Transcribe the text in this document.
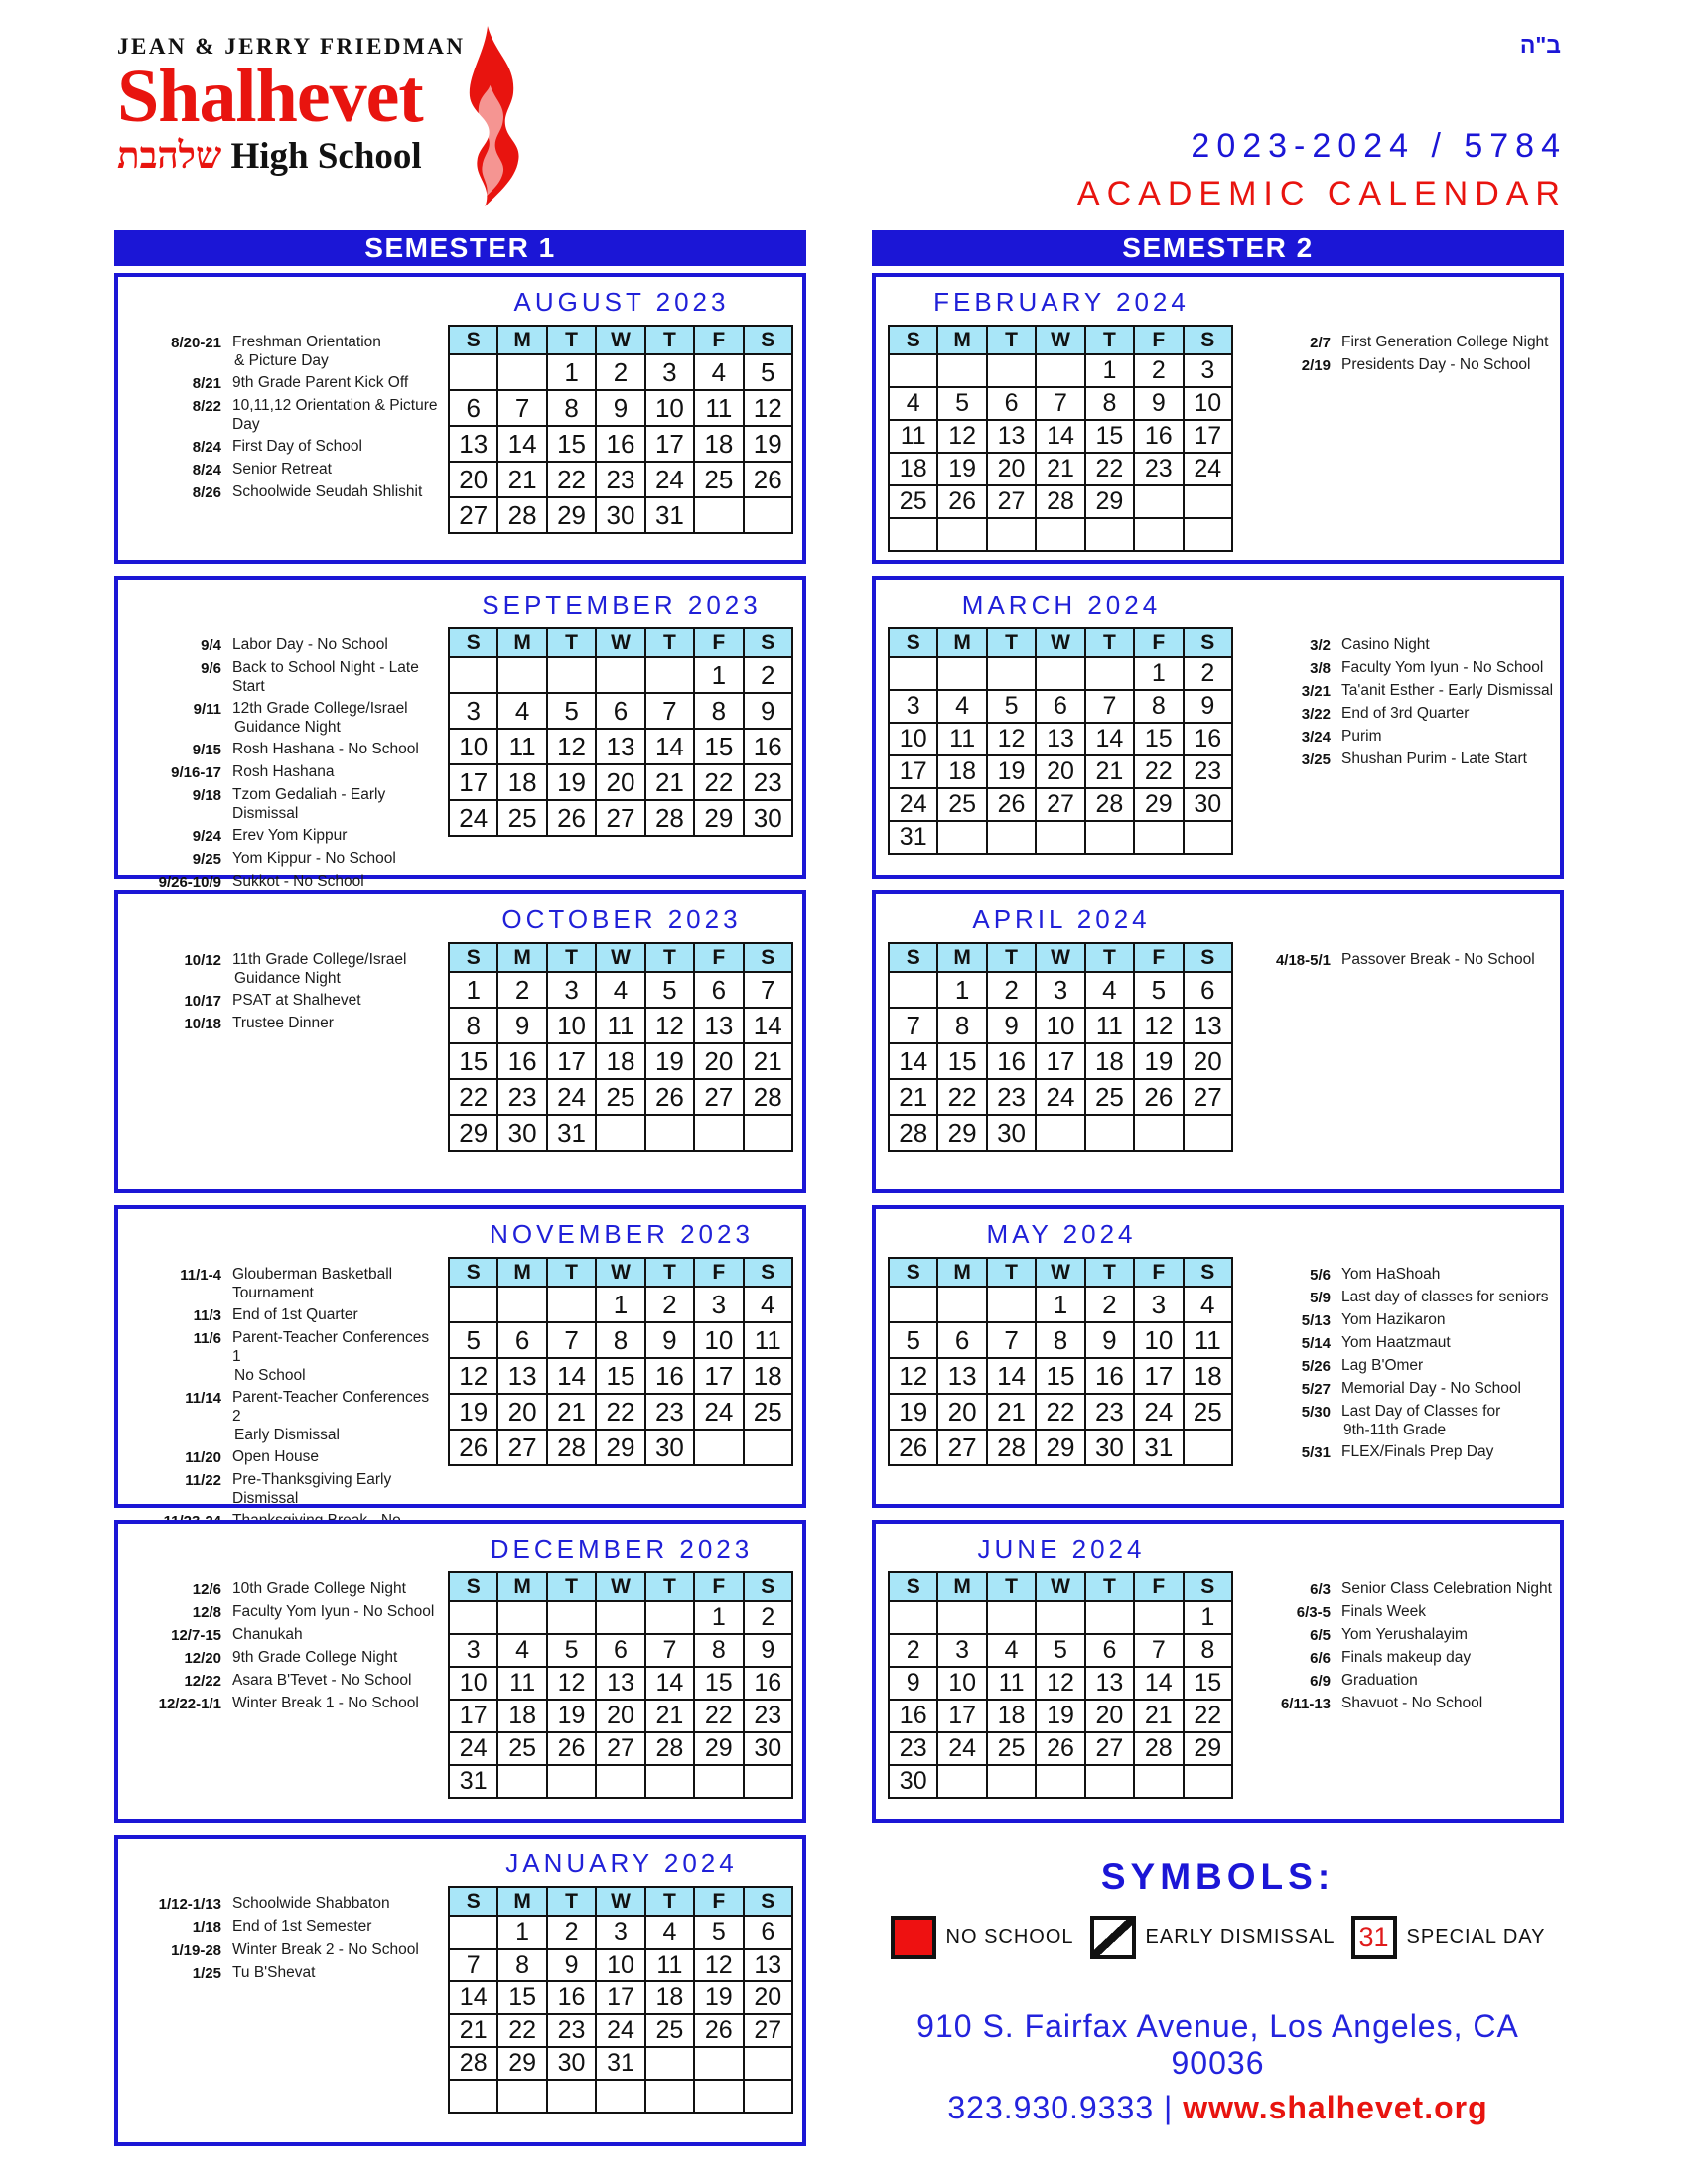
JEAN & JERRY FRIEDMAN
Shalhevet
שלהבת High School
ב"ה
2023-2024 / 5784
ACADEMIC CALENDAR
SEMESTER 1
AUGUST 2023
S	M	T	W	T	F	S
		1	2	3	4	5
6	7	8	9	10	11	12
13	14	15	16	17	18	19
20	21	22	23	24	25	26
27	28	29	30	31		
8/20-21 Freshman Orientation
& Picture Day
8/21 9th Grade Parent Kick Off
8/22 10,11,12 Orientation & Picture Day
8/24 First Day of School
8/24 Senior Retreat
8/26 Schoolwide Seudah Shlishit
SEPTEMBER 2023
S	M	T	W	T	F	S
					1	2
3	4	5	6	7	8	9
10	11	12	13	14	15	16
17	18	19	20	21	22	23
24	25	26	27	28	29	30
9/4 Labor Day - No School
9/6 Back to School Night - Late Start
9/11 12th Grade College/Israel
Guidance Night
9/15 Rosh Hashana - No School
9/16-17 Rosh Hashana
9/18 Tzom Gedaliah - Early Dismissal
9/24 Erev Yom Kippur
9/25 Yom Kippur - No School
9/26-10/9 Sukkot - No School
OCTOBER 2023
S	M	T	W	T	F	S
1	2	3	4	5	6	7
8	9	10	11	12	13	14
15	16	17	18	19	20	21
22	23	24	25	26	27	28
29	30	31				
10/12 11th Grade College/Israel
Guidance Night
10/17 PSAT at Shalhevet
10/18 Trustee Dinner
NOVEMBER 2023
S	M	T	W	T	F	S
			1	2	3	4
5	6	7	8	9	10	11
12	13	14	15	16	17	18
19	20	21	22	23	24	25
26	27	28	29	30		
11/1-4 Glouberman Basketball Tournament
11/3 End of 1st Quarter
11/6 Parent-Teacher Conferences 1
No School
11/14 Parent-Teacher Conferences 2
Early Dismissal
11/20 Open House
11/22 Pre-Thanksgiving Early Dismissal
DECEMBER 2023
S	M	T	W	T	F	S
					1	2
3	4	5	6	7	8	9
10	11	12	13	14	15	16
17	18	19	20	21	22	23
24	25	26	27	28	29	30
31						
12/6 10th Grade College Night
12/8 Faculty Yom Iyun - No School
12/7-15 Chanukah
12/20 9th Grade College Night
12/22 Asara B'Tevet - No School
12/22-1/1 Winter Break 1 - No School
JANUARY 2024
S	M	T	W	T	F	S
	1	2	3	4	5	6
7	8	9	10	11	12	13
14	15	16	17	18	19	20
21	22	23	24	25	26	27
28	29	30	31			

1/12-1/13 Schoolwide Shabbaton
1/18 End of 1st Semester
1/19-28 Winter Break 2 - No School
1/25 Tu B'Shevat
SEMESTER 2
FEBRUARY 2024
S	M	T	W	T	F	S
				1	2	3
4	5	6	7	8	9	10
11	12	13	14	15	16	17
18	19	20	21	22	23	24
25	26	27	28	29		

2/7 First Generation College Night
2/19 Presidents Day - No School
MARCH 2024
S	M	T	W	T	F	S
					1	2
3	4	5	6	7	8	9
10	11	12	13	14	15	16
17	18	19	20	21	22	23
24	25	26	27	28	29	30
31						
3/2 Casino Night
3/8 Faculty Yom Iyun - No School
3/21 Ta'anit Esther - Early Dismissal
3/22 End of 3rd Quarter
3/24 Purim
3/25 Shushan Purim - Late Start
APRIL 2024
S	M	T	W	T	F	S
	1	2	3	4	5	6
7	8	9	10	11	12	13
14	15	16	17	18	19	20
21	22	23	24	25	26	27
28	29	30				
4/18-5/1 Passover Break - No School
MAY 2024
S	M	T	W	T	F	S
			1	2	3	4
5	6	7	8	9	10	11
12	13	14	15	16	17	18
19	20	21	22	23	24	25
26	27	28	29	30	31	
5/6 Yom HaShoah
5/9 Last day of classes for seniors
5/13 Yom Hazikaron
5/14 Yom Haatzmaut
5/26 Lag B'Omer
5/27 Memorial Day - No School
5/30 Last Day of Classes for
9th-11th Grade
5/31 FLEX/Finals Prep Day
JUNE 2024
S	M	T	W	T	F	S
						1
2	3	4	5	6	7	8
9	10	11	12	13	14	15
16	17	18	19	20	21	22
23	24	25	26	27	28	29
30						
6/3 Senior Class Celebration Night
6/3-5 Finals Week
6/5 Yom Yerushalayim
6/6 Finals makeup day
6/9 Graduation
6/11-13 Shavuot - No School
SYMBOLS:
NO SCHOOL	EARLY DISMISSAL 31 SPECIAL DAY
910 S. Fairfax Avenue, Los Angeles, CA 90036
323.930.9333 | www.shalhevet.org
